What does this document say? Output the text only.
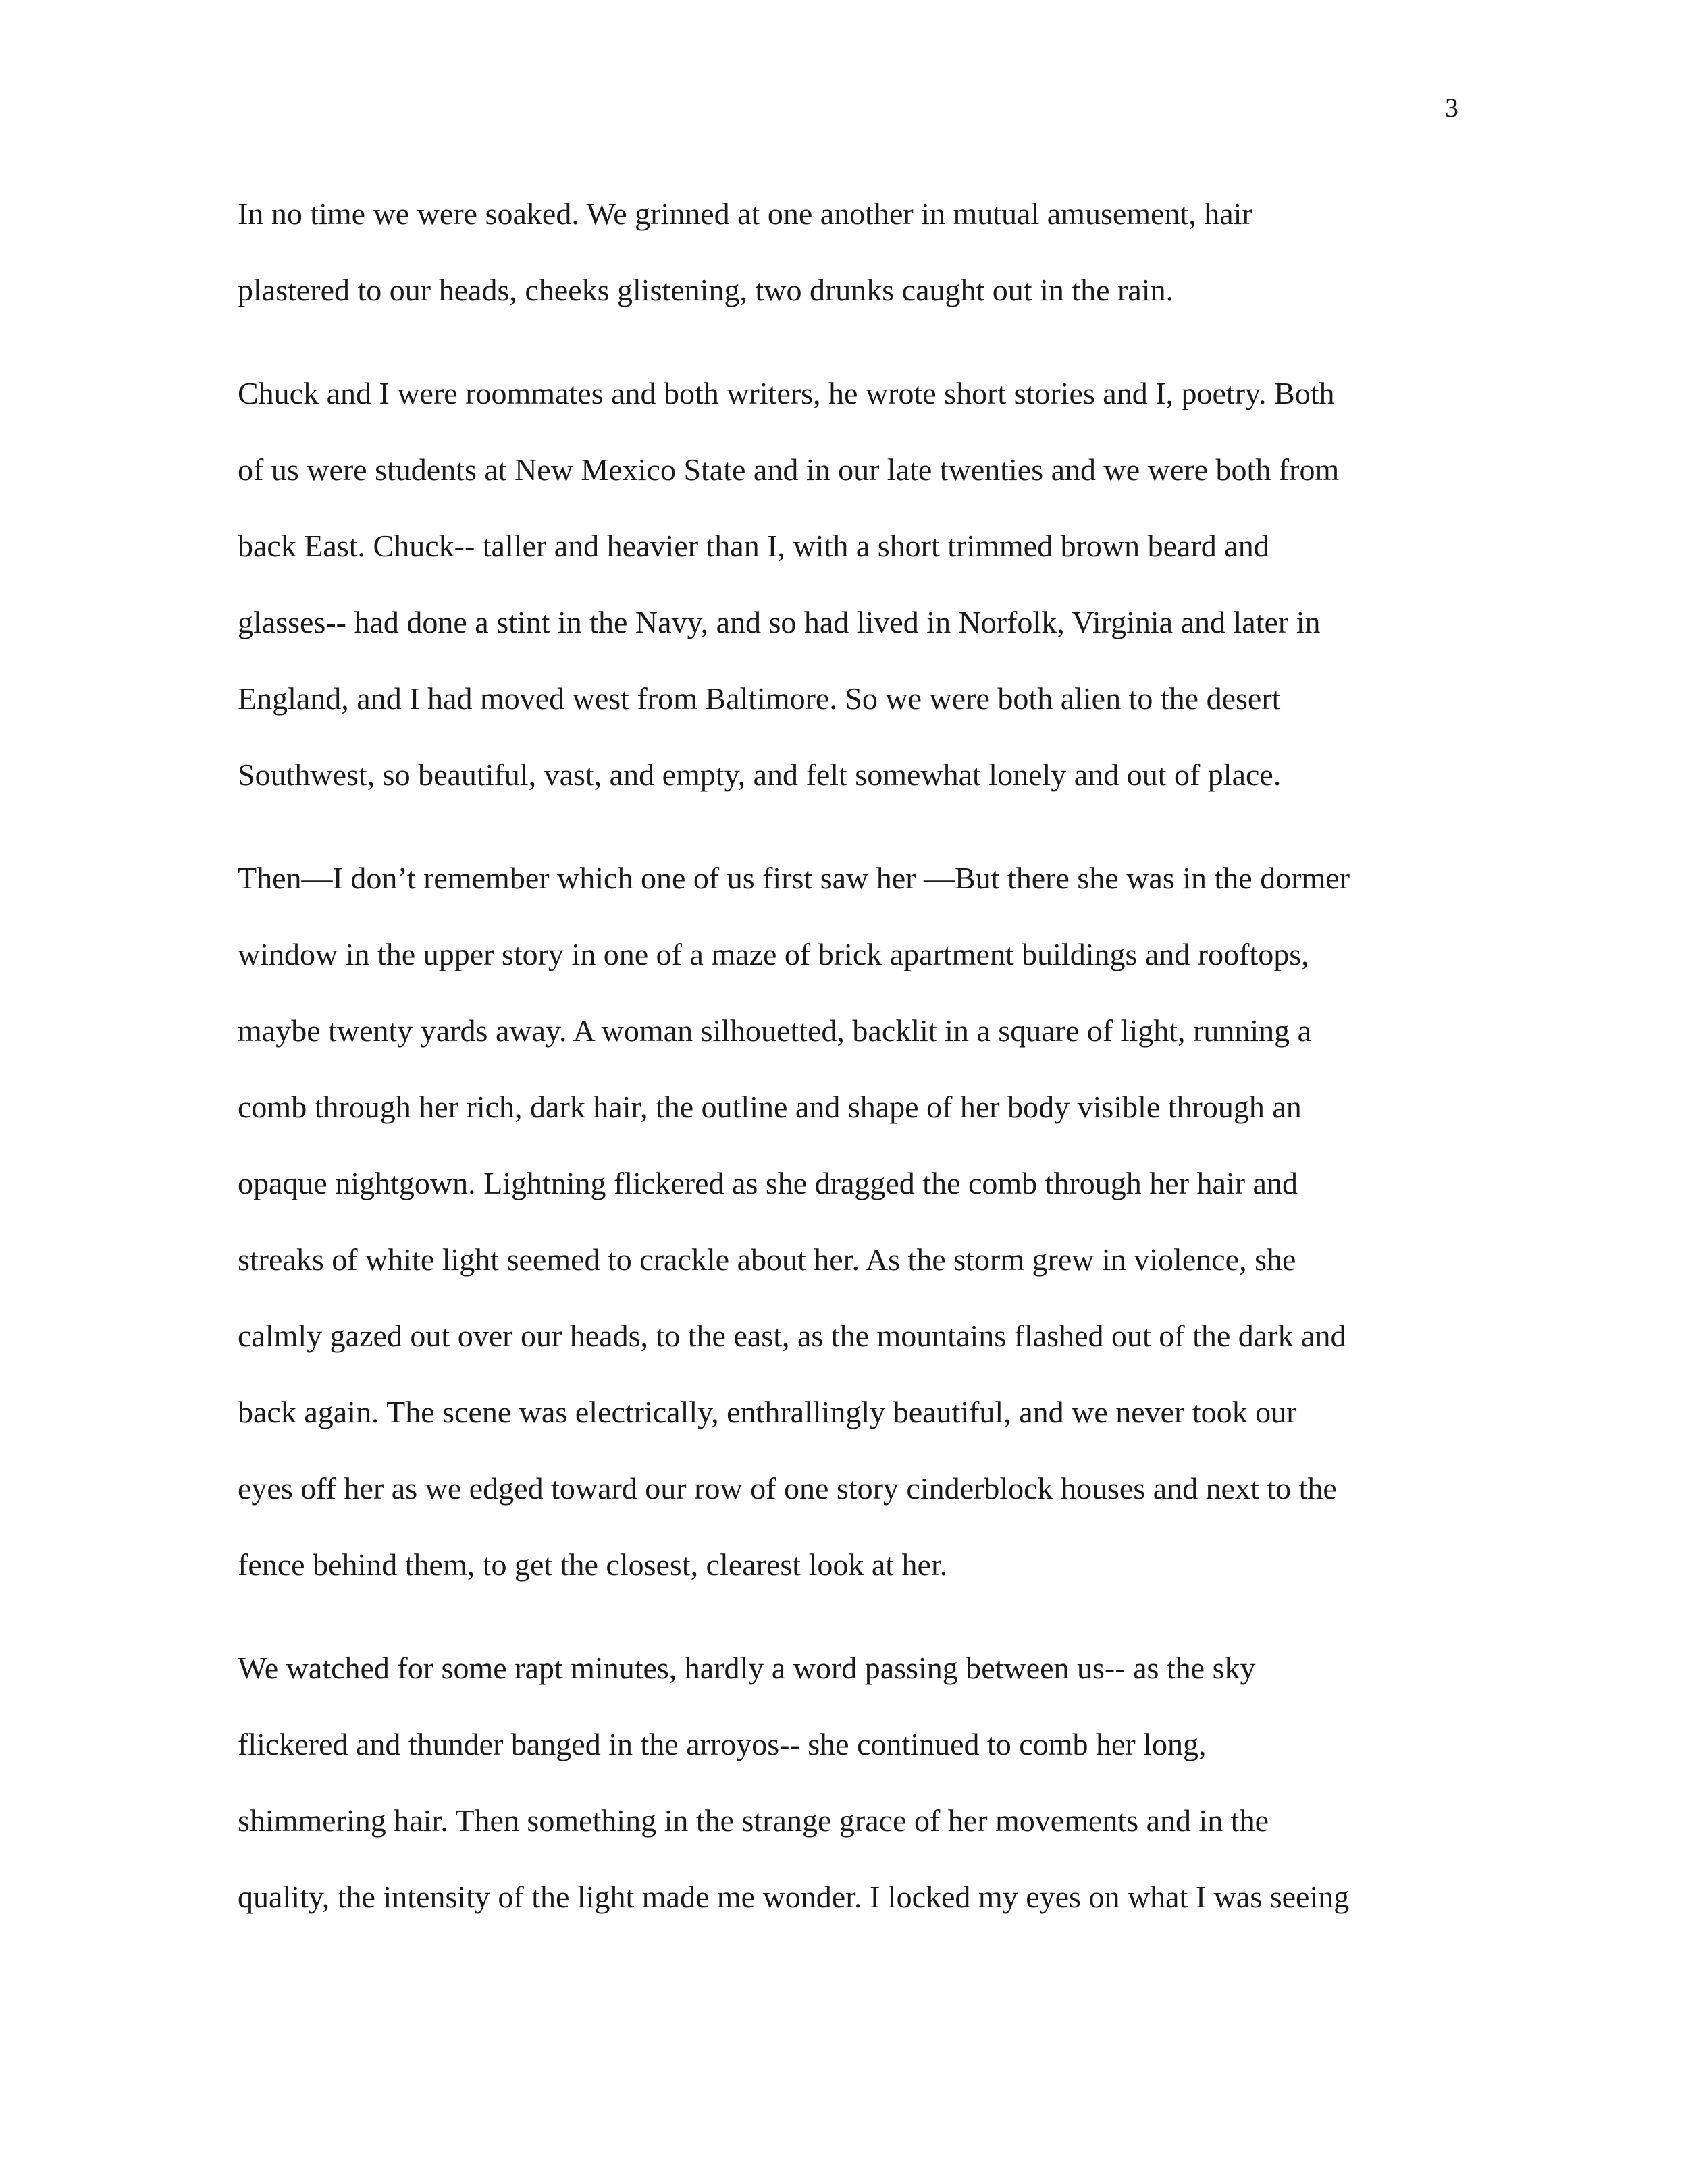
3
In no time we were soaked. We grinned at one another in mutual amusement, hair
plastered to our heads, cheeks glistening, two drunks caught out in the rain.
Chuck and I were roommates and both writers, he wrote short stories and I, poetry. Both
of us were students at New Mexico State and in our late twenties and we were both from
back East. Chuck-- taller and heavier than I, with a short trimmed brown beard and
glasses-- had done a stint in the Navy, and so had lived in Norfolk, Virginia and later in
England, and I had moved west from Baltimore. So we were both alien to the desert
Southwest, so beautiful, vast, and empty, and felt somewhat lonely and out of place.
Then—I don’t remember which one of us first saw her —But there she was in the dormer
window in the upper story in one of a maze of brick apartment buildings and rooftops,
maybe twenty yards away. A woman silhouetted, backlit in a square of light, running a
comb through her rich, dark hair, the outline and shape of her body visible through an
opaque nightgown. Lightning flickered as she dragged the comb through her hair and
streaks of white light seemed to crackle about her. As the storm grew in violence, she
calmly gazed out over our heads, to the east, as the mountains flashed out of the dark and
back again. The scene was electrically, enthrallingly beautiful, and we never took our
eyes off her as we edged toward our row of one story cinderblock houses and next to the
fence behind them, to get the closest, clearest look at her.
We watched for some rapt minutes, hardly a word passing between us-- as the sky
flickered and thunder banged in the arroyos-- she continued to comb her long,
shimmering hair. Then something in the strange grace of her movements and in the
quality, the intensity of the light made me wonder. I locked my eyes on what I was seeing
